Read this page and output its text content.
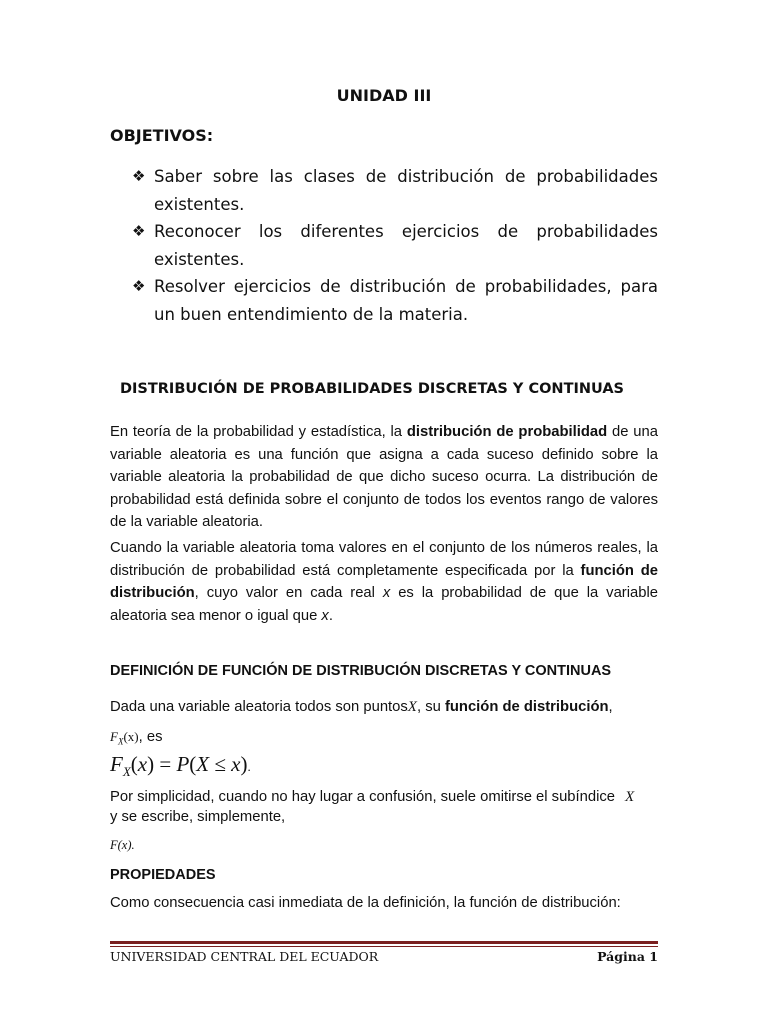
UNIDAD III
OBJETIVOS:
❖ Saber sobre las clases de distribución de probabilidades existentes.
❖ Reconocer los diferentes ejercicios de probabilidades existentes.
❖ Resolver ejercicios de distribución de probabilidades, para un buen entendimiento de la materia.
DISTRIBUCIÓN DE PROBABILIDADES DISCRETAS Y CONTINUAS
En teoría de la probabilidad y estadística, la distribución de probabilidad de una variable aleatoria es una función que asigna a cada suceso definido sobre la variable aleatoria la probabilidad de que dicho suceso ocurra. La distribución de probabilidad está definida sobre el conjunto de todos los eventos rango de valores de la variable aleatoria.
Cuando la variable aleatoria toma valores en el conjunto de los números reales, la distribución de probabilidad está completamente especificada por la función de distribución, cuyo valor en cada real x es la probabilidad de que la variable aleatoria sea menor o igual que x.
DEFINICIÓN DE FUNCIÓN DE DISTRIBUCIÓN DISCRETAS Y CONTINUAS
Dada una variable aleatoria todos son puntosX, su función de distribución,
$F_X(x)$, es
$F_X(x) = P(X \le x)$.
Por simplicidad, cuando no hay lugar a confusión, suele omitirse el subíndice X
y se escribe, simplemente,
F(x).
PROPIEDADES
Como consecuencia casi inmediata de la definición, la función de distribución:
UNIVERSIDAD CENTRAL DEL ECUADOR	Página 1
